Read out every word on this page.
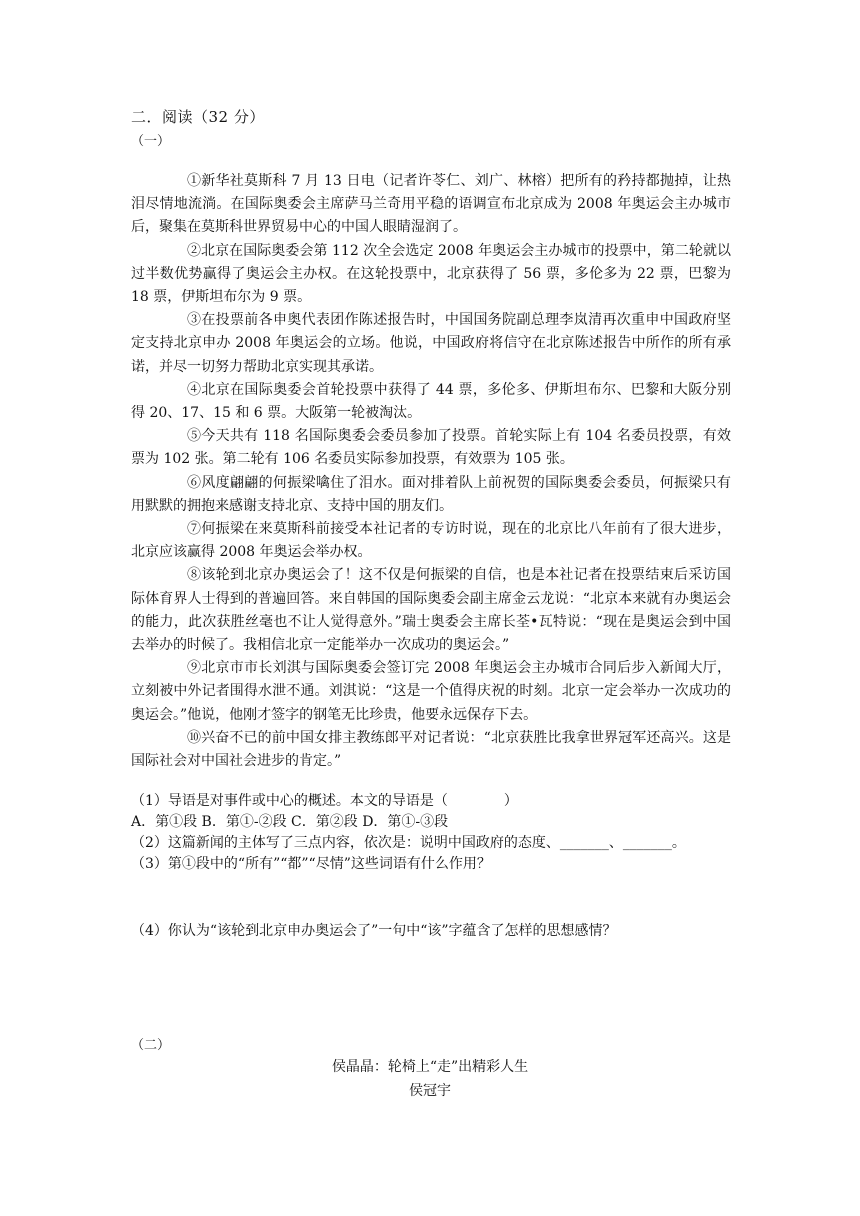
二．阅读（32 分）
（一）

①新华社莫斯科 7 月 13 日电（记者许苓仁、刘广、林榕）把所有的矜持都抛掉，让热泪尽情地流淌。在国际奥委会主席萨马兰奇用平稳的语调宣布北京成为 2008 年奥运会主办城市后，聚集在莫斯科世界贸易中心的中国人眼睛湿润了。

②北京在国际奥委会第 112 次全会选定 2008 年奥运会主办城市的投票中，第二轮就以过半数优势赢得了奥运会主办权。在这轮投票中，北京获得了 56 票，多伦多为 22 票，巴黎为 18 票，伊斯坦布尔为 9 票。

③在投票前各申奥代表团作陈述报告时，中国国务院副总理李岚清再次重申中国政府坚定支持北京申办 2008 年奥运会的立场。他说，中国政府将信守在北京陈述报告中所作的所有承诺，并尽一切努力帮助北京实现其承诺。

④北京在国际奥委会首轮投票中获得了 44 票，多伦多、伊斯坦布尔、巴黎和大阪分别得 20、17、15 和 6 票。大阪第一轮被淘汰。

⑤今天共有 118 名国际奥委会委员参加了投票。首轮实际上有 104 名委员投票，有效票为 102 张。第二轮有 106 名委员实际参加投票，有效票为 105 张。

⑥风度翩翩的何振梁噙住了泪水。面对排着队上前祝贺的国际奥委会委员，何振梁只有用默默的拥抱来感谢支持北京、支持中国的朋友们。

⑦何振梁在来莫斯科前接受本社记者的专访时说，现在的北京比八年前有了很大进步，北京应该赢得 2008 年奥运会举办权。

⑧该轮到北京办奥运会了！这不仅是何振梁的自信，也是本社记者在投票结束后采访国际体育界人士得到的普遍回答。来自韩国的国际奥委会副主席金云龙说：“北京本来就有办奥运会的能力，此次获胜丝毫也不让人觉得意外。”瑞士奥委会主席长荃•瓦特说：“现在是奥运会到中国去举办的时候了。我相信北京一定能举办一次成功的奥运会。”

⑨北京市市长刘淇与国际奥委会签订完 2008 年奥运会主办城市合同后步入新闻大厅，立刻被中外记者围得水泄不通。刘淇说：“这是一个值得庆祝的时刻。北京一定会举办一次成功的奥运会。”他说，他刚才签字的钢笔无比珍贵，他要永远保存下去。

⑩兴奋不已的前中国女排主教练郎平对记者说：“北京获胜比我拿世界冠军还高兴。这是国际社会对中国社会进步的肯定。”

（1）导语是对事件或中心的概述。本文的导语是（　　　　）
A．第①段 B．第①-②段 C．第②段 D．第①-③段
（2）这篇新闻的主体写了三点内容，依次是：说明中国政府的态度、_______、_______。
（3）第①段中的“所有”“都”“尽情”这些词语有什么作用？
（4）你认为“该轮到北京申办奥运会了”一句中“该”字蕴含了怎样的思想感情？
（二）
侯晶晶：轮椅上“走”出精彩人生
侯冠宇
